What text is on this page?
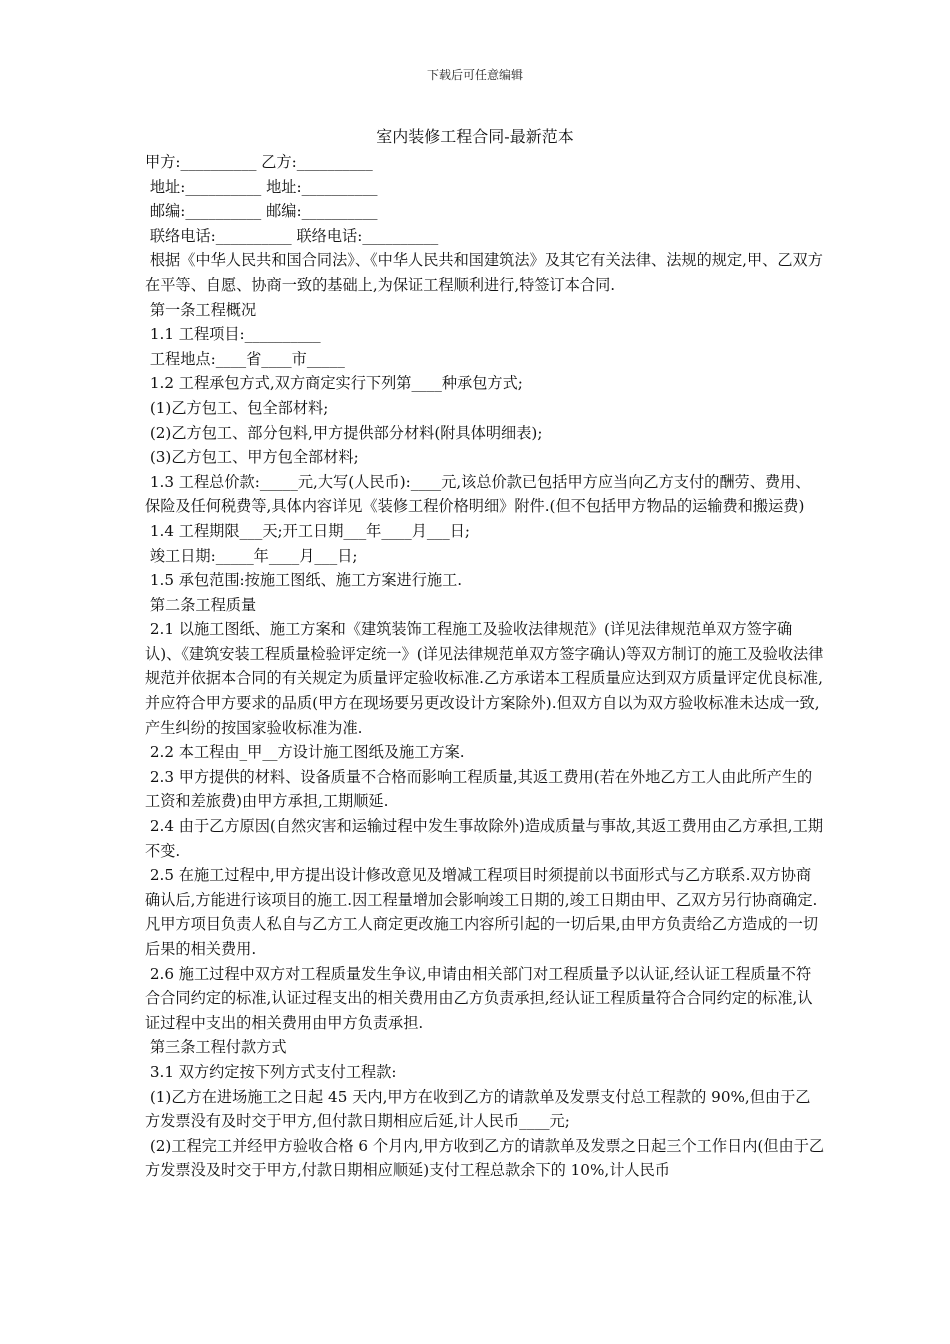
下载后可任意编辑
室内装修工程合同-最新范本

甲方:__________ 乙方:__________

地址:__________ 地址:__________

邮编:__________ 邮编:__________

联络电话:__________ 联络电话:__________

根据《中华人民共和国合同法》、《中华人民共和国建筑法》及其它有关法律、法规的规定,甲、乙双方在平等、自愿、协商一致的基础上,为保证工程顺利进行,特签订本合同.

第一条工程概况

1.1 工程项目:__________

工程地点:____省____市_____

1.2 工程承包方式,双方商定实行下列第____种承包方式;

(1)乙方包工、包全部材料;

(2)乙方包工、部分包料,甲方提供部分材料(附具体明细表);

(3)乙方包工、甲方包全部材料;

1.3 工程总价款:_____元,大写(人民币):____元,该总价款已包括甲方应当向乙方支付的酬劳、费用、保险及任何税费等,具体内容详见《装修工程价格明细》附件.(但不包括甲方物品的运输费和搬运费)

1.4 工程期限___天;开工日期___年____月___日;

竣工日期:_____年____月___日;

1.5 承包范围:按施工图纸、施工方案进行施工.

第二条工程质量

2.1 以施工图纸、施工方案和《建筑装饰工程施工及验收法律规范》(详见法律规范单双方签字确认)、《建筑安装工程质量检验评定统一》(详见法律规范单双方签字确认)等双方制订的施工及验收法律规范并依据本合同的有关规定为质量评定验收标准.乙方承诺本工程质量应达到双方质量评定优良标准,并应符合甲方要求的品质(甲方在现场要另更改设计方案除外).但双方自以为双方验收标准未达成一致,产生纠纷的按国家验收标准为准.

2.2 本工程由_甲__方设计施工图纸及施工方案.

2.3 甲方提供的材料、设备质量不合格而影响工程质量,其返工费用(若在外地乙方工人由此所产生的工资和差旅费)由甲方承担,工期顺延.

2.4 由于乙方原因(自然灾害和运输过程中发生事故除外)造成质量与事故,其返工费用由乙方承担,工期不变.

2.5 在施工过程中,甲方提出设计修改意见及增减工程项目时须提前以书面形式与乙方联系.双方协商确认后,方能进行该项目的施工.因工程量增加会影响竣工日期的,竣工日期由甲、乙双方另行协商确定.凡甲方项目负责人私自与乙方工人商定更改施工内容所引起的一切后果,由甲方负责给乙方造成的一切后果的相关费用.

2.6 施工过程中双方对工程质量发生争议,申请由相关部门对工程质量予以认证,经认证工程质量不符合合同约定的标准,认证过程支出的相关费用由乙方负责承担,经认证工程质量符合合同约定的标准,认证过程中支出的相关费用由甲方负责承担.

第三条工程付款方式

3.1 双方约定按下列方式支付工程款:

(1)乙方在进场施工之日起 45 天内,甲方在收到乙方的请款单及发票支付总工程款的 90%,但由于乙方发票没有及时交于甲方,但付款日期相应后延,计人民币____元;

(2)工程完工并经甲方验收合格 6 个月内,甲方收到乙方的请款单及发票之日起三个工作日内(但由于乙方发票没及时交于甲方,付款日期相应顺延)支付工程总款余下的 10%,计人民币
